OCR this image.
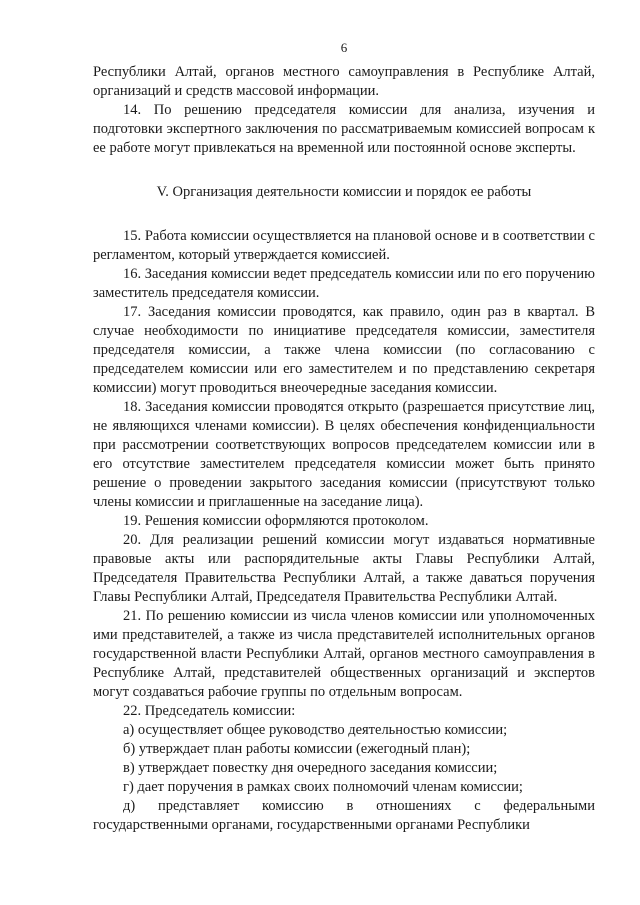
6

Республики Алтай, органов местного самоуправления в Республике Алтай, организаций и средств массовой информации.

14. По решению председателя комиссии для анализа, изучения и подготовки экспертного заключения по рассматриваемым комиссией вопросам к ее работе могут привлекаться на временной или постоянной основе эксперты.

V. Организация деятельности комиссии и порядок ее работы

15. Работа комиссии осуществляется на плановой основе и в соответствии с регламентом, который утверждается комиссией.

16. Заседания комиссии ведет председатель комиссии или по его поручению заместитель председателя комиссии.

17. Заседания комиссии проводятся, как правило, один раз в квартал. В случае необходимости по инициативе председателя комиссии, заместителя председателя комиссии, а также члена комиссии (по согласованию с председателем комиссии или его заместителем и по представлению секретаря комиссии) могут проводиться внеочередные заседания комиссии.

18. Заседания комиссии проводятся открыто (разрешается присутствие лиц, не являющихся членами комиссии). В целях обеспечения конфиденциальности при рассмотрении соответствующих вопросов председателем комиссии или в его отсутствие заместителем председателя комиссии может быть принято решение о проведении закрытого заседания комиссии (присутствуют только члены комиссии и приглашенные на заседание лица).

19. Решения комиссии оформляются протоколом.

20. Для реализации решений комиссии могут издаваться нормативные правовые акты или распорядительные акты Главы Республики Алтай, Председателя Правительства Республики Алтай, а также даваться поручения Главы Республики Алтай, Председателя Правительства Республики Алтай.

21. По решению комиссии из числа членов комиссии или уполномоченных ими представителей, а также из числа представителей исполнительных органов государственной власти Республики Алтай, органов местного самоуправления в Республике Алтай, представителей общественных организаций и экспертов могут создаваться рабочие группы по отдельным вопросам.

22. Председатель комиссии:

а) осуществляет общее руководство деятельностью комиссии;

б) утверждает план работы комиссии (ежегодный план);

в) утверждает повестку дня очередного заседания комиссии;

г) дает поручения в рамках своих полномочий членам комиссии;

д) представляет комиссию в отношениях с федеральными государственными органами, государственными органами Республики
